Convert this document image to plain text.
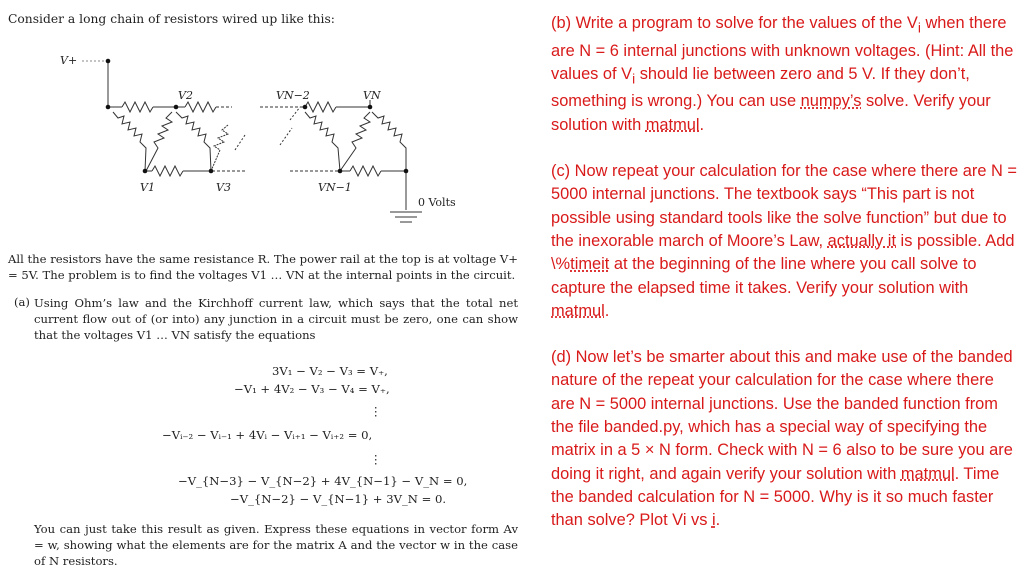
Consider a long chain of resistors wired up like this:
V+
V2	VN−2	VN
V1	V3	VN−1
0 Volts
All the resistors have the same resistance R. The power rail at the top is at voltage V+ = 5V. The problem is to find the voltages V1 … VN at the internal points in the circuit.
(a) Using Ohm’s law and the Kirchhoff current law, which says that the total net current flow out of (or into) any junction in a circuit must be zero, one can show that the voltages V1 … VN satisfy the equations
3V₁ − V₂ − V₃ = V₊,
−V₁ + 4V₂ − V₃ − V₄ = V₊,
⋮
−Vᵢ₋₂ − Vᵢ₋₁ + 4Vᵢ − Vᵢ₊₁ − Vᵢ₊₂ = 0,
⋮
−V_{N−3} − V_{N−2} + 4V_{N−1} − V_N = 0,
−V_{N−2} − V_{N−1} + 3V_N = 0.
You can just take this result as given. Express these equations in vector form Av = w, showing what the elements are for the matrix A and the vector w in the case of N resistors.

(b) Write a program to solve for the values of the $V_i$ when there are N = 6 internal junctions with unknown voltages. (Hint: All the values of $V_i$ should lie between zero and 5 V. If they don’t, something is wrong.) You can use numpy’s solve. Verify your solution with matmul.

(c) Now repeat your calculation for the case where there are N = 5000 internal junctions. The textbook says “This part is not possible using standard tools like the solve function” but due to the inexorable march of Moore’s Law, actually it is possible. Add \%timeit at the beginning of the line where you call solve to capture the elapsed time it takes. Verify your solution with matmul.

(d) Now let’s be smarter about this and make use of the banded nature of the repeat your calculation for the case where there are N = 5000 internal junctions. Use the banded function from the file banded.py, which has a special way of specifying the matrix in a 5 × N form. Check with N = 6 also to be sure you are doing it right, and again verify your solution with matmul. Time the banded calculation for N = 5000. Why is it so much faster than solve? Plot Vi vs i.
